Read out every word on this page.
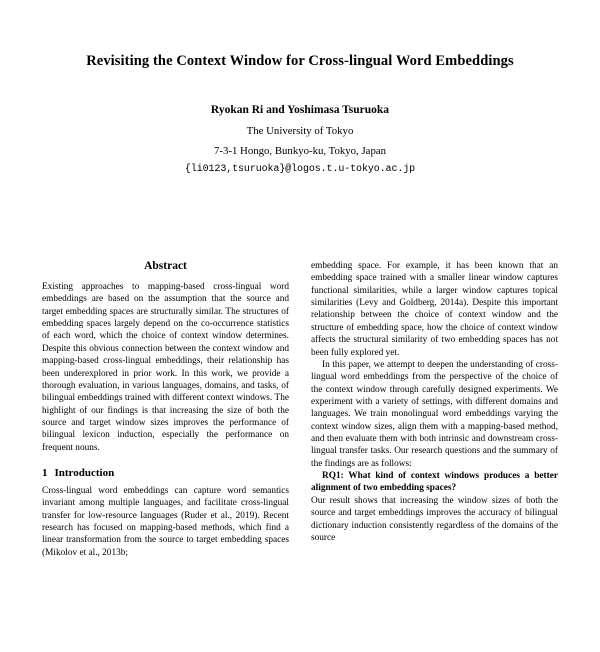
Revisiting the Context Window for Cross-lingual Word Embeddings
Ryokan Ri and Yoshimasa Tsuruoka
The University of Tokyo
7-3-1 Hongo, Bunkyo-ku, Tokyo, Japan
{li0123,tsuruoka}@logos.t.u-tokyo.ac.jp
Abstract

Existing approaches to mapping-based cross-lingual word embeddings are based on the assumption that the source and target embedding spaces are structurally similar. The structures of embedding spaces largely depend on the co-occurrence statistics of each word, which the choice of context window determines. Despite this obvious connection between the context window and mapping-based cross-lingual embeddings, their relationship has been underexplored in prior work. In this work, we provide a thorough evaluation, in various languages, domains, and tasks, of bilingual embeddings trained with different context windows. The highlight of our findings is that increasing the size of both the source and target window sizes improves the performance of bilingual lexicon induction, especially the performance on frequent nouns.

1 Introduction

Cross-lingual word embeddings can capture word semantics invariant among multiple languages, and facilitate cross-lingual transfer for low-resource languages (Ruder et al., 2019). Recent research has focused on mapping-based methods, which find a linear transformation from the source to target embedding spaces (Mikolov et al., 2013b;

embedding space. For example, it has been known that an embedding space trained with a smaller linear window captures functional similarities, while a larger window captures topical similarities (Levy and Goldberg, 2014a). Despite this important relationship between the choice of context window and the structure of embedding space, how the choice of context window affects the structural similarity of two embedding spaces has not been fully explored yet.

In this paper, we attempt to deepen the understanding of cross-lingual word embeddings from the perspective of the choice of the context window through carefully designed experiments. We experiment with a variety of settings, with different domains and languages. We train monolingual word embeddings varying the context window sizes, align them with a mapping-based method, and then evaluate them with both intrinsic and downstream cross-lingual transfer tasks. Our research questions and the summary of the findings are as follows:

RQ1: What kind of context windows produces a better alignment of two embedding spaces?

Our result shows that increasing the window sizes of both the source and target embeddings improves the accuracy of bilingual dictionary induction consistently regardless of the domains of the source
